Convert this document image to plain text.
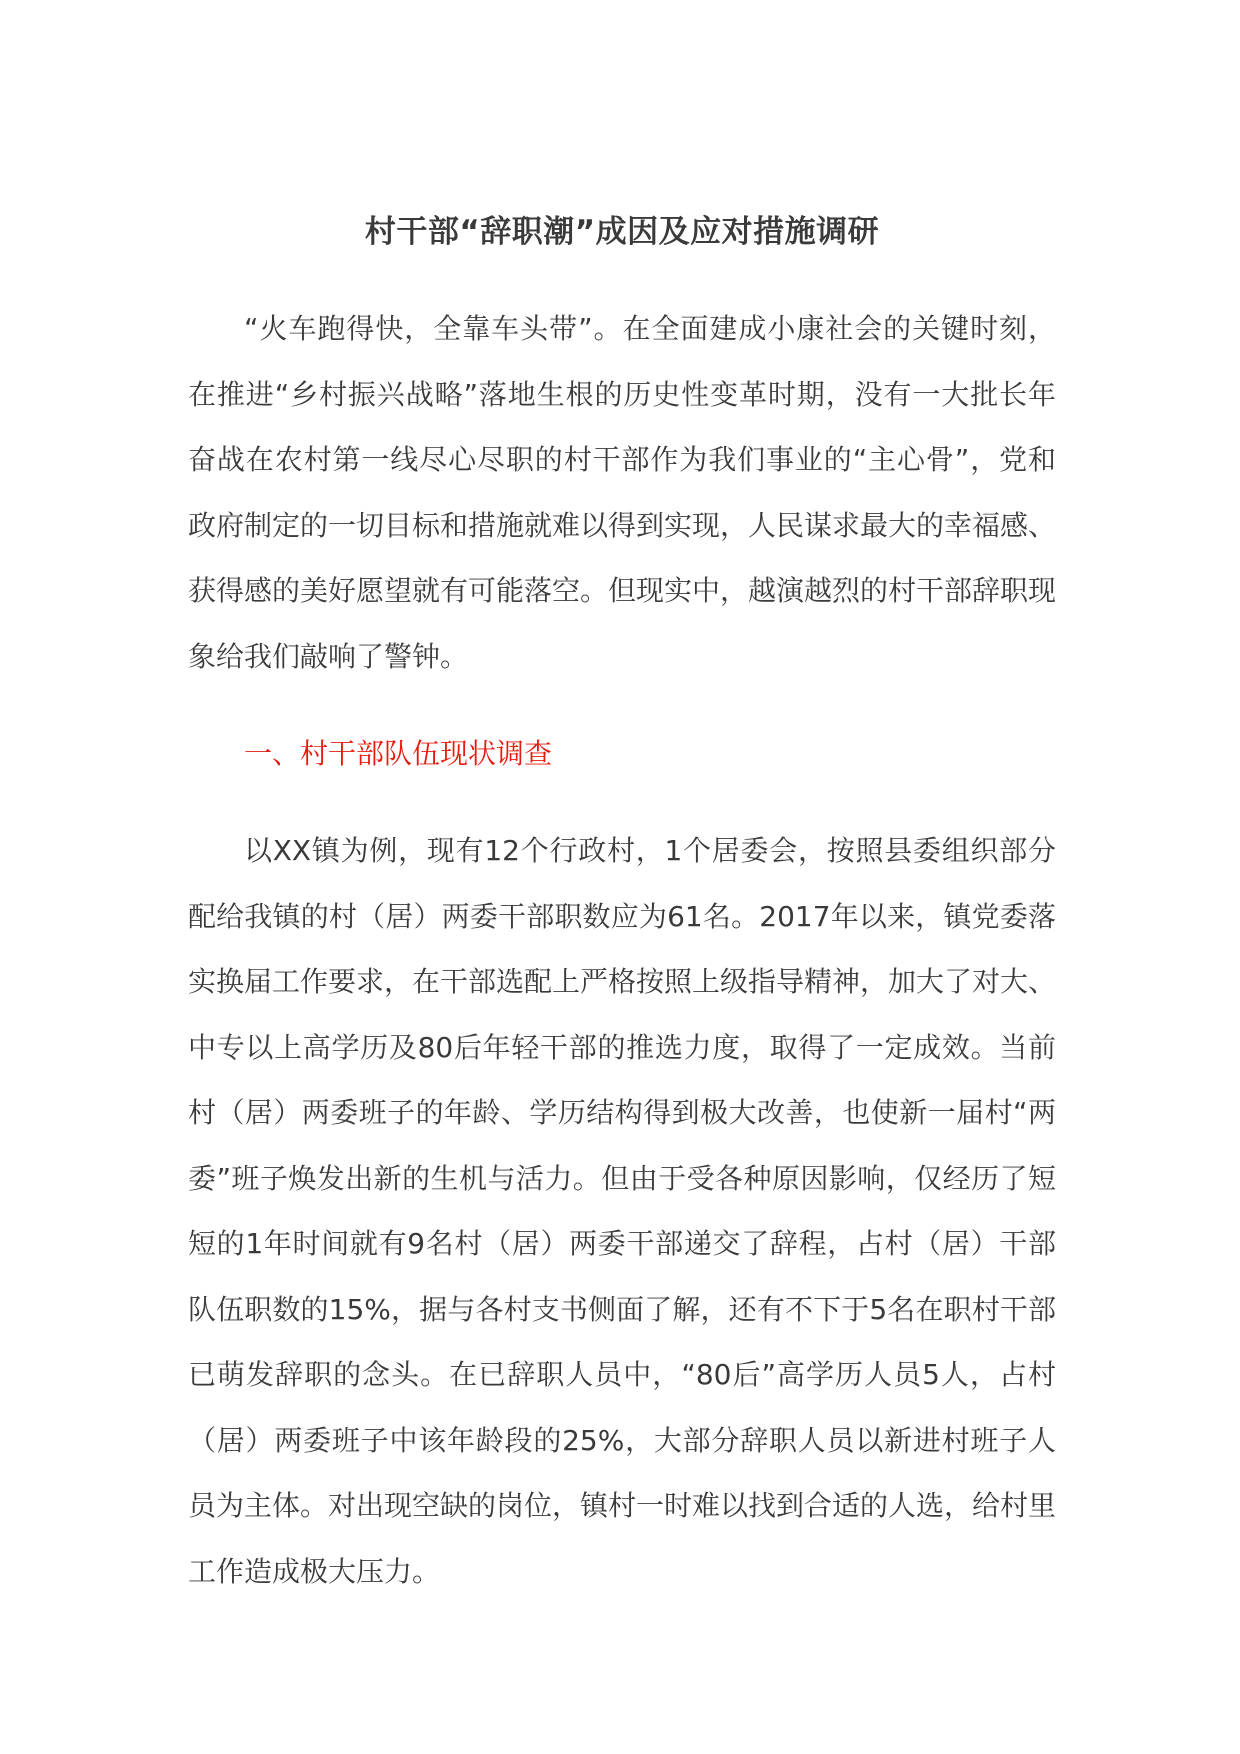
村干部“辞职潮”成因及应对措施调研

“火车跑得快，全靠车头带”。在全面建成小康社会的关键时刻，在推进“乡村振兴战略”落地生根的历史性变革时期，没有一大批长年奋战在农村第一线尽心尽职的村干部作为我们事业的“主心骨”，党和政府制定的一切目标和措施就难以得到实现，人民谋求最大的幸福感、获得感的美好愿望就有可能落空。但现实中，越演越烈的村干部辞职现象给我们敲响了警钟。

一、村干部队伍现状调查

以XX镇为例，现有12个行政村，1个居委会，按照县委组织部分配给我镇的村（居）两委干部职数应为61名。2017年以来，镇党委落实换届工作要求，在干部选配上严格按照上级指导精神，加大了对大、中专以上高学历及80后年轻干部的推选力度，取得了一定成效。当前村（居）两委班子的年龄、学历结构得到极大改善，也使新一届村“两委”班子焕发出新的生机与活力。但由于受各种原因影响，仅经历了短短的1年时间就有9名村（居）两委干部递交了辞程，占村（居）干部队伍职数的15%，据与各村支书侧面了解，还有不下于5名在职村干部已萌发辞职的念头。在已辞职人员中，“80后”高学历人员5人，占村（居）两委班子中该年龄段的25%，大部分辞职人员以新进村班子人员为主体。对出现空缺的岗位，镇村一时难以找到合适的人选，给村里工作造成极大压力。
